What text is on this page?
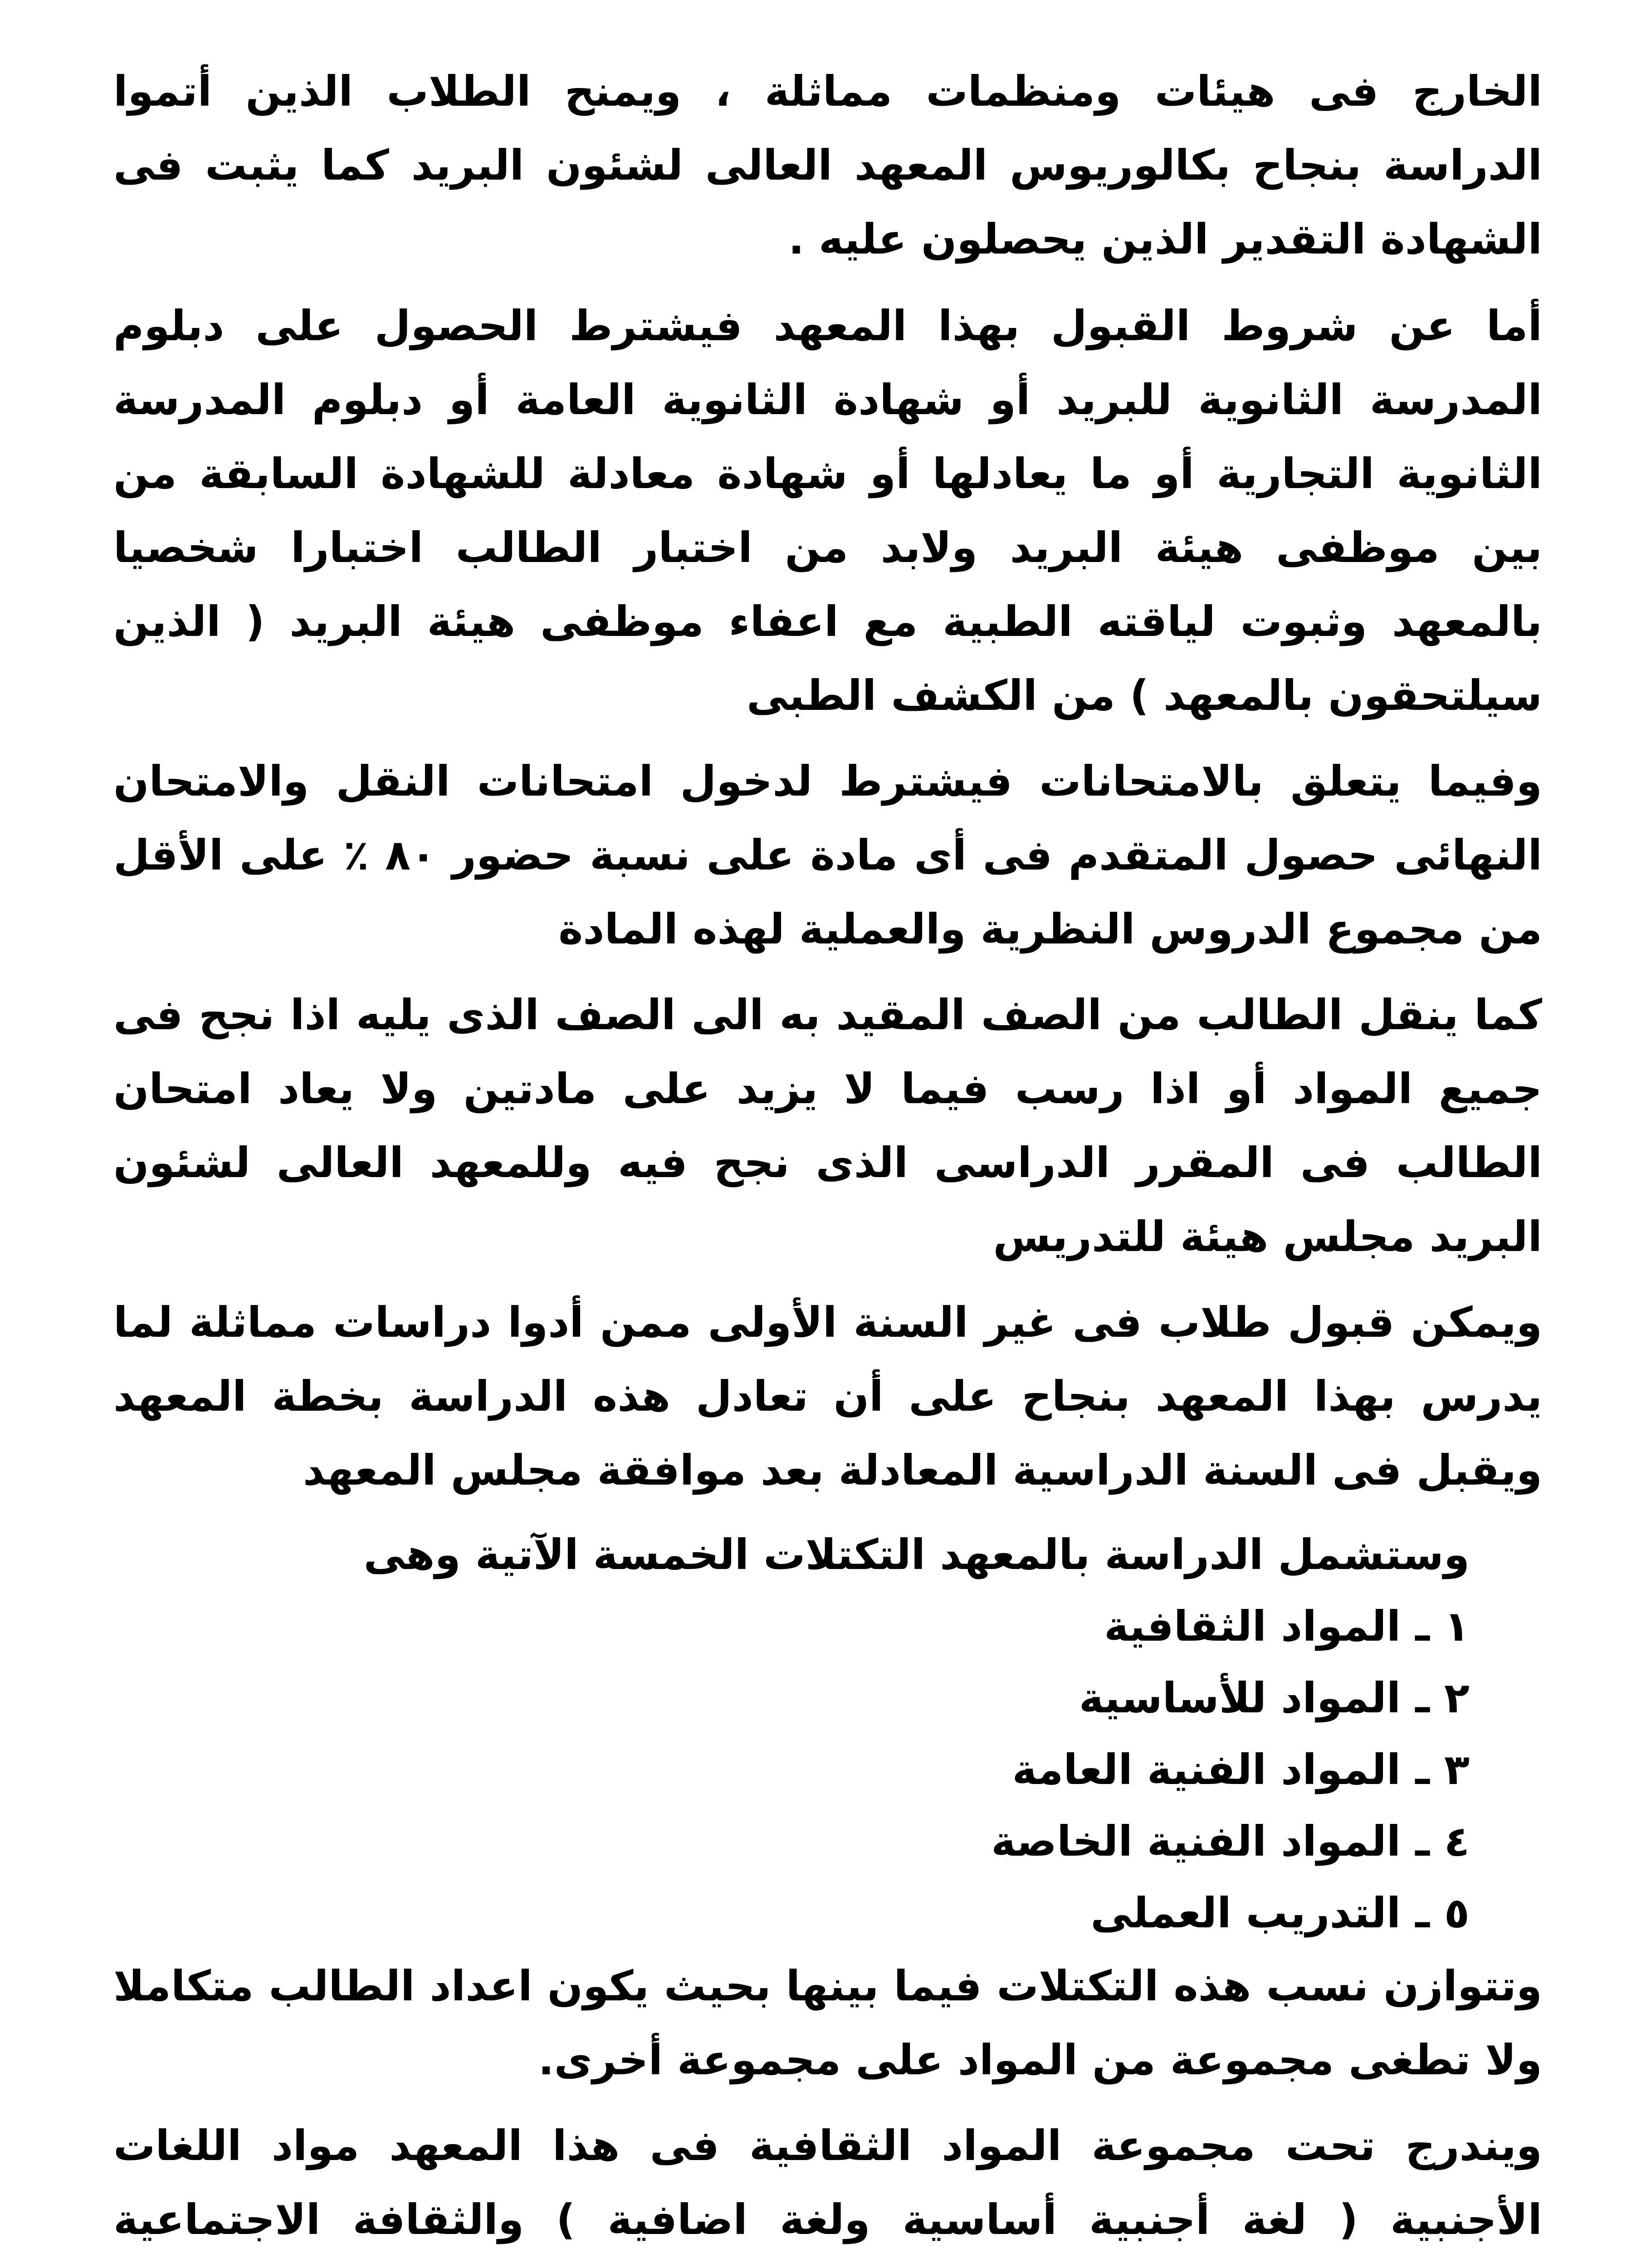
الخارج فى هيئات ومنظمات مماثلة ، ويمنح الطلاب الذين أتموا الدراسة بنجاح بكالوريوس المعهد العالى لشئون البريد كما يثبت فى الشهادة التقدير الذين يحصلون عليه .

أما عن شروط القبول بهذا المعهد فيشترط الحصول على دبلوم المدرسة الثانوية للبريد أو شهادة الثانوية العامة أو دبلوم المدرسة الثانوية التجارية أو ما يعادلها أو شهادة معادلة للشهادة السابقة من بين موظفى هيئة البريد ولابد من اختبار الطالب اختبارا شخصيا بالمعهد وثبوت لياقته الطبية مع اعفاء موظفى هيئة البريد ( الذين سيلتحقون بالمعهد ) من الكشف الطبى

وفيما يتعلق بالامتحانات فيشترط لدخول امتحانات النقل والامتحان النهائى حصول المتقدم فى أى مادة على نسبة حضور ٨٠ ٪ على الأقل من مجموع الدروس النظرية والعملية لهذه المادة

كما ينقل الطالب من الصف المقيد به الى الصف الذى يليه اذا نجح فى جميع المواد أو اذا رسب فيما لا يزيد على مادتين ولا يعاد امتحان الطالب فى المقرر الدراسى الذى نجح فيه وللمعهد العالى لشئون البريد مجلس هيئة للتدريس

ويمكن قبول طلاب فى غير السنة الأولى ممن أدوا دراسات مماثلة لما يدرس بهذا المعهد بنجاح على أن تعادل هذه الدراسة بخطة المعهد ويقبل فى السنة الدراسية المعادلة بعد موافقة مجلس المعهد

وستشمل الدراسة بالمعهد التكتلات الخمسة الآتية وهى
١ ـ المواد الثقافية
٢ ـ المواد للأساسية
٣ ـ المواد الفنية العامة
٤ ـ المواد الفنية الخاصة
٥ ـ التدريب العملى

وتتوازن نسب هذه التكتلات فيما بينها بحيث يكون اعداد الطالب متكاملا ولا تطغى مجموعة من المواد على مجموعة أخرى.

ويندرج تحت مجموعة المواد الثقافية فى هذا المعهد مواد اللغات الأجنبية ( لغة أجنبية أساسية ولغة اضافية ) والثقافة الاجتماعية
